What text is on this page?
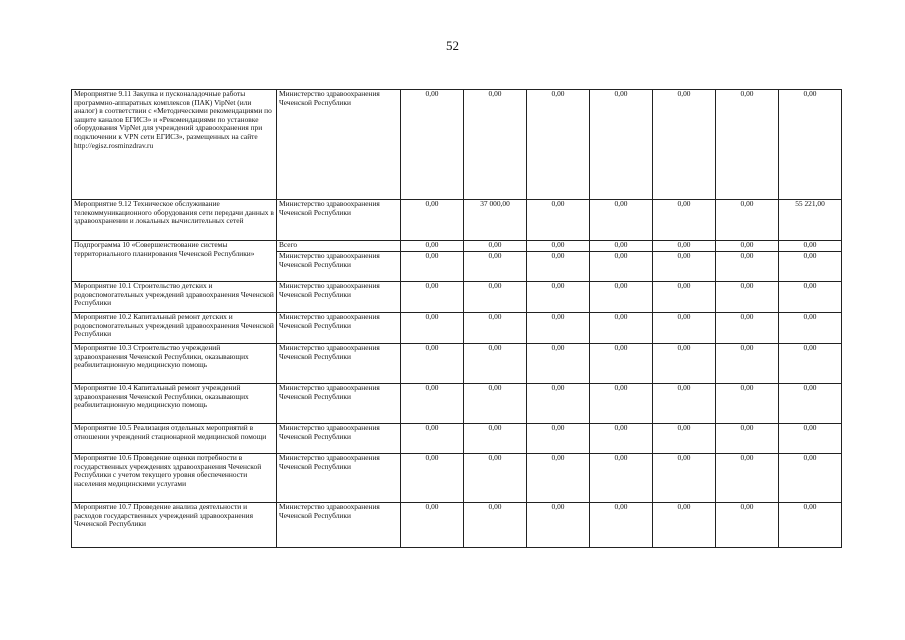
52
Мероприятие 9.11 Закупка и пусконаладочные работы программно-аппаратных комплексов (ПАК) VipNet (или аналог) в соответствии с «Методическими рекомендациями по защите каналов ЕГИСЗ» и «Рекомендациями по установке оборудования VipNet для учреждений здравоохранения при подключении к VPN сети ЕГИСЗ», размещенных на сайте http://egisz.rosminzdrav.ru	Министерство здравоохранения Чеченской Республики	0,00	0,00	0,00	0,00	0,00	0,00	0,00
Мероприятие 9.12 Техническое обслуживание телекоммуникационного оборудования сети передачи данных в здравоохранении и локальных вычислительных сетей	Министерство здравоохранения Чеченской Республики	0,00	37 000,00	0,00	0,00	0,00	0,00	55 221,00
Подпрограмма 10 «Совершенствование системы территориального планирования Чеченской Республики»	Всего	0,00	0,00	0,00	0,00	0,00	0,00	0,00
	Министерство здравоохранения Чеченской Республики	0,00	0,00	0,00	0,00	0,00	0,00	0,00
Мероприятие 10.1 Строительство детских и родовспомогательных учреждений здравоохранения Чеченской Республики	Министерство здравоохранения Чеченской Республики	0,00	0,00	0,00	0,00	0,00	0,00	0,00
Мероприятие 10.2 Капитальный ремонт детских и родовспомогательных учреждений здравоохранения Чеченской Республики	Министерство здравоохранения Чеченской Республики	0,00	0,00	0,00	0,00	0,00	0,00	0,00
Мероприятие 10.3 Строительство учреждений здравоохранения Чеченской Республики, оказывающих реабилитационную медицинскую помощь	Министерство здравоохранения Чеченской Республики	0,00	0,00	0,00	0,00	0,00	0,00	0,00
Мероприятие 10.4 Капитальный ремонт учреждений здравоохранения Чеченской Республики, оказывающих реабилитационную медицинскую помощь	Министерство здравоохранения Чеченской Республики	0,00	0,00	0,00	0,00	0,00	0,00	0,00
Мероприятие 10.5 Реализация отдельных мероприятий в отношении учреждений стационарной медицинской помощи	Министерство здравоохранения Чеченской Республики	0,00	0,00	0,00	0,00	0,00	0,00	0,00
Мероприятие 10.6 Проведение оценки потребности в государственных учреждениях здравоохранения Чеченской Республики с учетом текущего уровня обеспеченности населения медицинскими услугами	Министерство здравоохранения Чеченской Республики	0,00	0,00	0,00	0,00	0,00	0,00	0,00
Мероприятие 10.7 Проведение анализа деятельности и расходов государственных учреждений здравоохранения Чеченской Республики	Министерство здравоохранения Чеченской Республики	0,00	0,00	0,00	0,00	0,00	0,00	0,00
